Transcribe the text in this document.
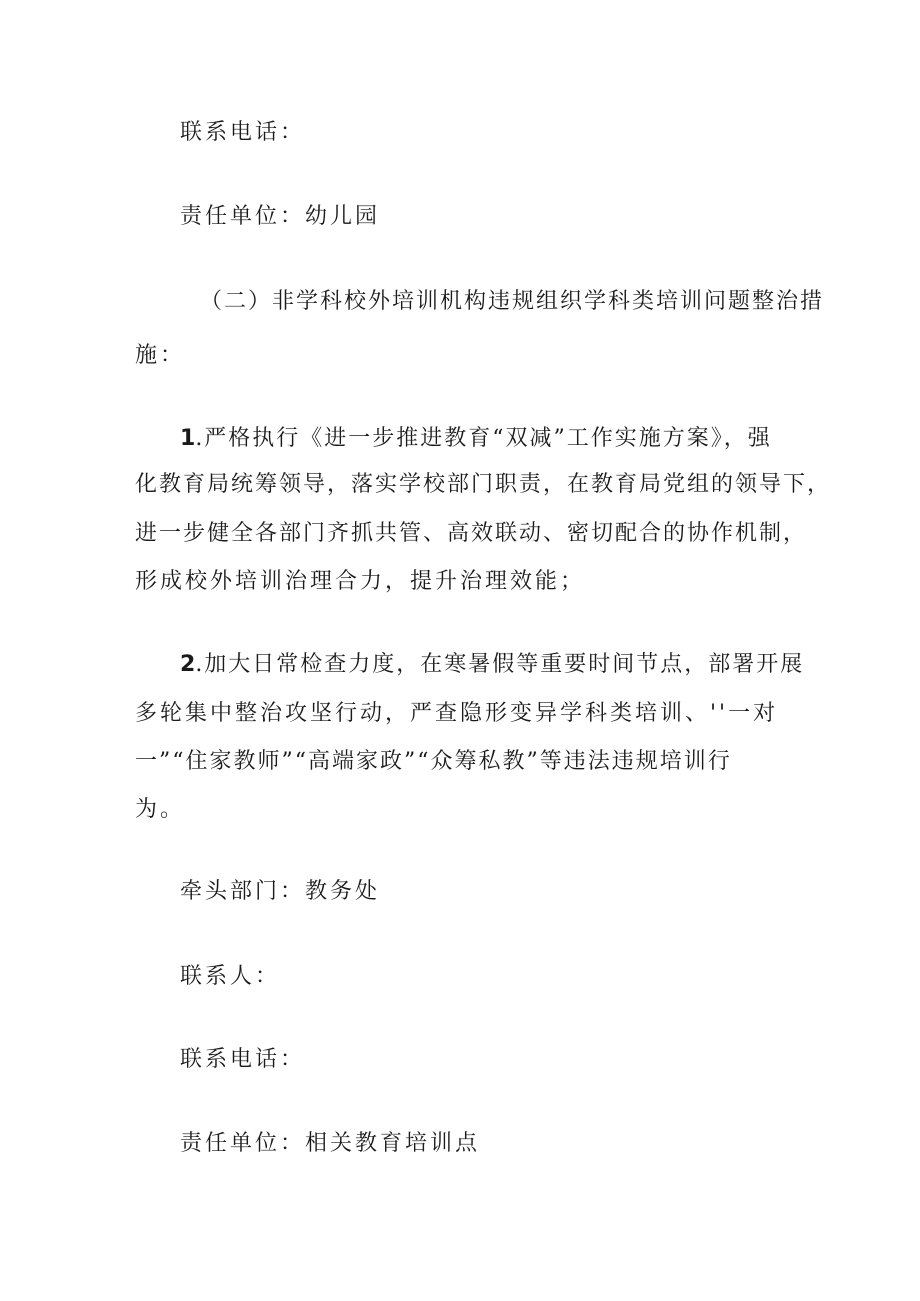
联系电话：
责任单位：幼儿园
（二）非学科校外培训机构违规组织学科类培训问题整治措
施：
1.严格执行《进一步推进教育“双减”工作实施方案》，强
化教育局统筹领导，落实学校部门职责，在教育局党组的领导下，
进一步健全各部门齐抓共管、高效联动、密切配合的协作机制，
形成校外培训治理合力，提升治理效能；
2.加大日常检查力度，在寒暑假等重要时间节点，部署开展
多轮集中整治攻坚行动，严查隐形变异学科类培训、''一对
一”“住家教师”“高端家政”“众筹私教”等违法违规培训行
为。
牵头部门：教务处
联系人：
联系电话：
责任单位：相关教育培训点
